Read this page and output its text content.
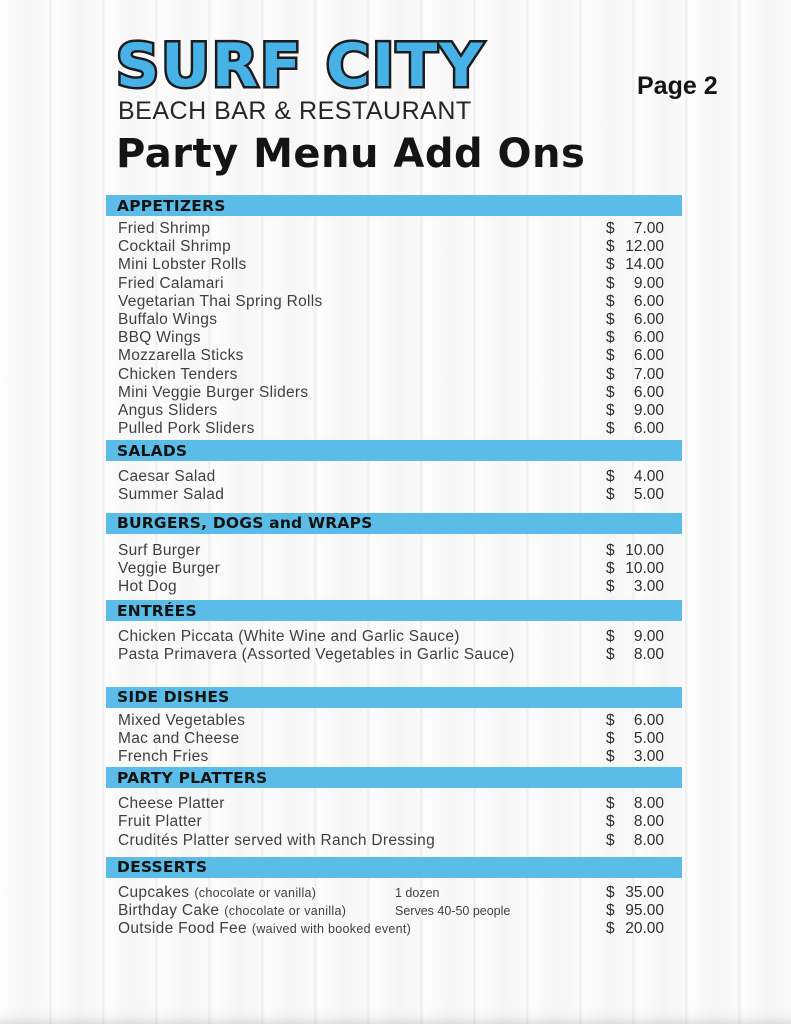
SURF CITY
BEACH BAR & RESTAURANT
Page 2
Party Menu Add Ons
APPETIZERS
Fried Shrimp	$ 7.00
Cocktail Shrimp	$ 12.00
Mini Lobster Rolls	$ 14.00
Fried Calamari	$ 9.00
Vegetarian Thai Spring Rolls	$ 6.00
Buffalo Wings	$ 6.00
BBQ Wings	$ 6.00
Mozzarella Sticks	$ 6.00
Chicken Tenders	$ 7.00
Mini Veggie Burger Sliders	$ 6.00
Angus Sliders	$ 9.00
Pulled Pork Sliders	$ 6.00
SALADS
Caesar Salad	$ 4.00
Summer Salad	$ 5.00
BURGERS, DOGS and WRAPS
Surf Burger	$ 10.00
Veggie Burger	$ 10.00
Hot Dog	$ 3.00
ENTRÉES
Chicken Piccata (White Wine and Garlic Sauce)	$ 9.00
Pasta Primavera (Assorted Vegetables in Garlic Sauce)	$ 8.00
SIDE DISHES
Mixed Vegetables	$ 6.00
Mac and Cheese	$ 5.00
French Fries	$ 3.00
PARTY PLATTERS
Cheese Platter	$ 8.00
Fruit Platter	$ 8.00
Crudités Platter served with Ranch Dressing	$ 8.00
DESSERTS
Cupcakes (chocolate or vanilla)	1 dozen	$ 35.00
Birthday Cake (chocolate or vanilla)	Serves 40-50 people	$ 95.00
Outside Food Fee (waived with booked event)	$ 20.00
